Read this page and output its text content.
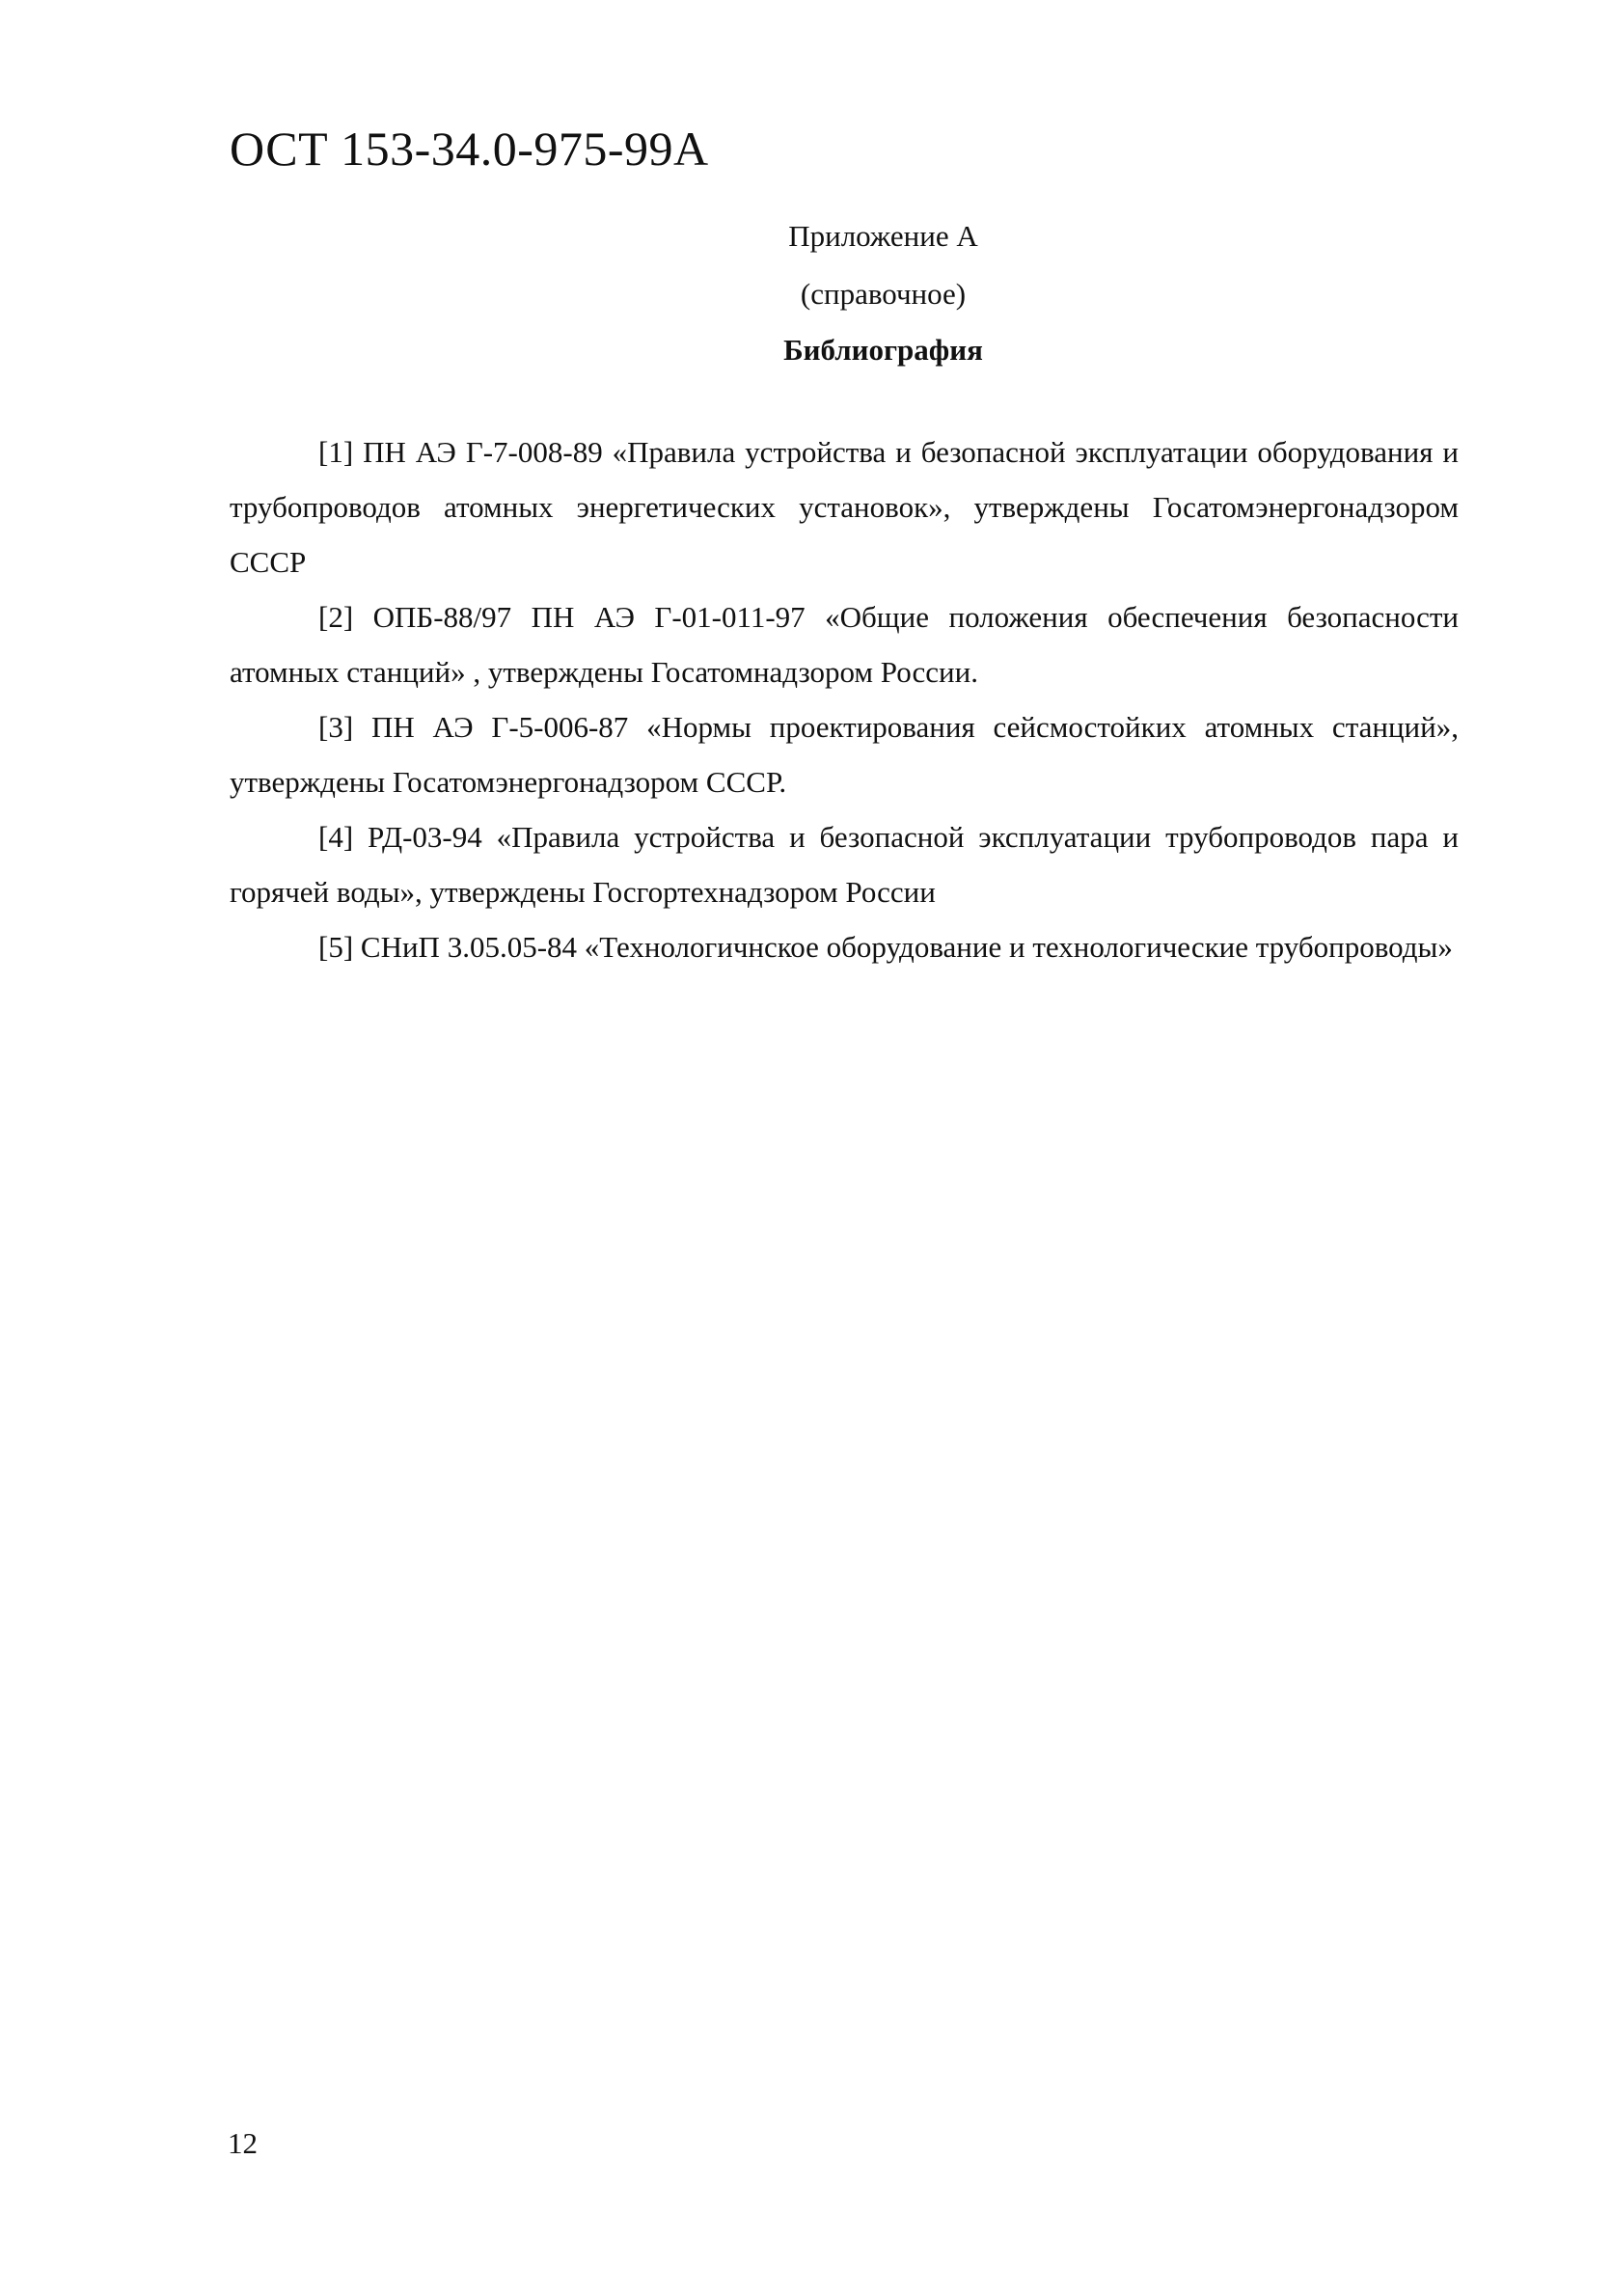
ОСТ 153-34.0-975-99А
Приложение А
(справочное)
Библиография

[1] ПН АЭ Г-7-008-89 «Правила устройства и безопасной эксплуатации оборудования и трубопроводов атомных энергетических установок», утверждены Госатомэнергонадзором СССР

[2] ОПБ-88/97 ПН АЭ Г-01-011-97 «Общие положения обеспечения безопасности атомных станций» , утверждены Госатомнадзором России.

[3] ПН АЭ Г-5-006-87 «Нормы проектирования сейсмостойких атомных станций», утверждены Госатомэнергонадзором СССР.

[4] РД-03-94 «Правила устройства и безопасной эксплуатации трубопроводов пара и горячей воды», утверждены Госгортехнадзором России

[5] СНиП 3.05.05-84 «Технологичнское оборудование и технологические трубопроводы»

12
